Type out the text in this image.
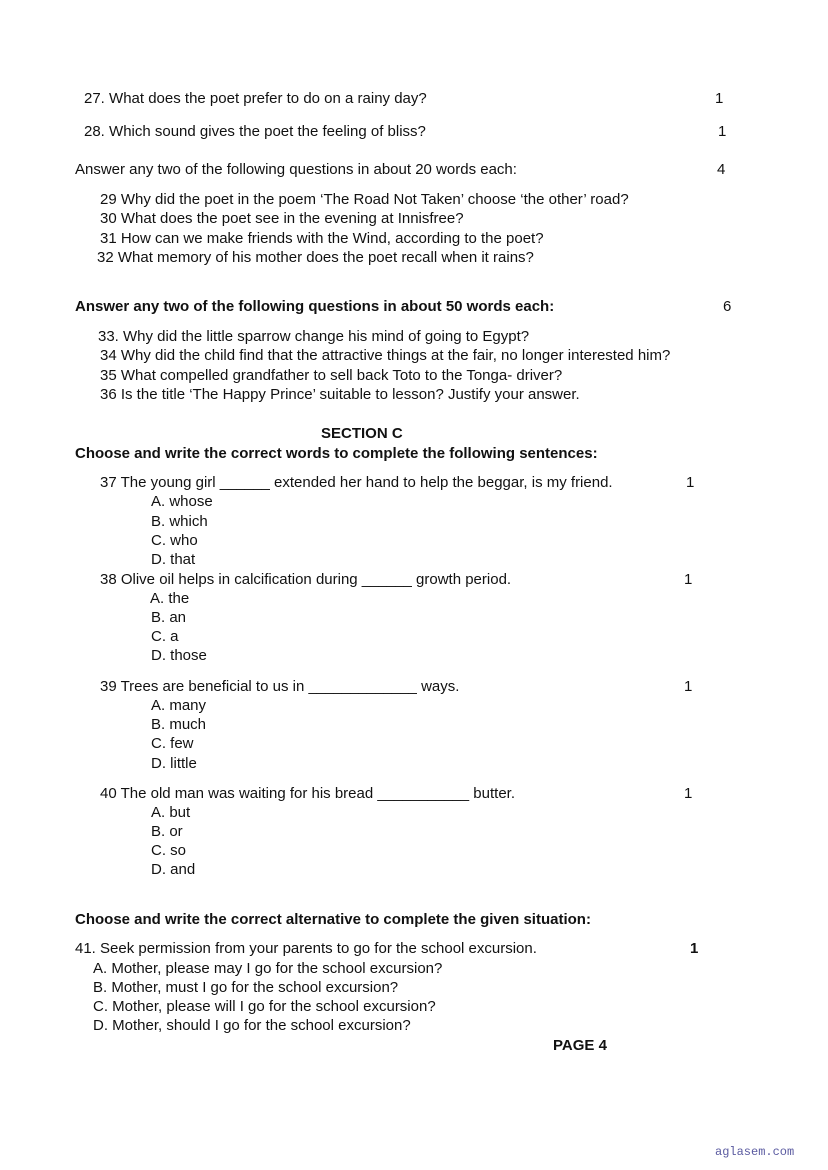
27. What does the poet prefer to do on a rainy day?	1
28. Which sound gives the poet the feeling of bliss?	1
Answer any two of the following questions in about 20 words each:	4
29 Why did the poet in the poem ‘The Road Not Taken’ choose ‘the other’ road?
30 What does the poet see in the evening at Innisfree?
31 How can we make friends with the Wind, according to the poet?
32 What memory of his mother does the poet recall when it rains?
Answer any two of the following questions in about 50 words each:	6
33. Why did the little sparrow change his mind of going to Egypt?
34 Why did the child find that the attractive things at the fair, no longer interested him?
35 What compelled grandfather to sell back Toto to the Tonga- driver?
36 Is the title ‘The Happy Prince’ suitable to lesson? Justify your answer.
SECTION C
Choose and write the correct words to complete the following sentences:
37 The young girl ______ extended her hand to help the beggar, is my friend.	1
A. whose
B. which
C. who
D. that
38 Olive oil helps in calcification during ______ growth period.	1
A. the
B. an
C. a
D. those
39 Trees are beneficial to us in _____________ ways.	1
A. many
B. much
C. few
D. little
40 The old man was waiting for his bread ___________ butter.	1
A. but
B. or
C. so
D. and
Choose and write the correct alternative to complete the given situation:
41. Seek permission from your parents to go for the school excursion.	1
A. Mother, please may I go for the school excursion?
B. Mother, must I go for the school excursion?
C. Mother, please will I go for the school excursion?
D. Mother, should I go for the school excursion?
PAGE 4
aglasem.com
